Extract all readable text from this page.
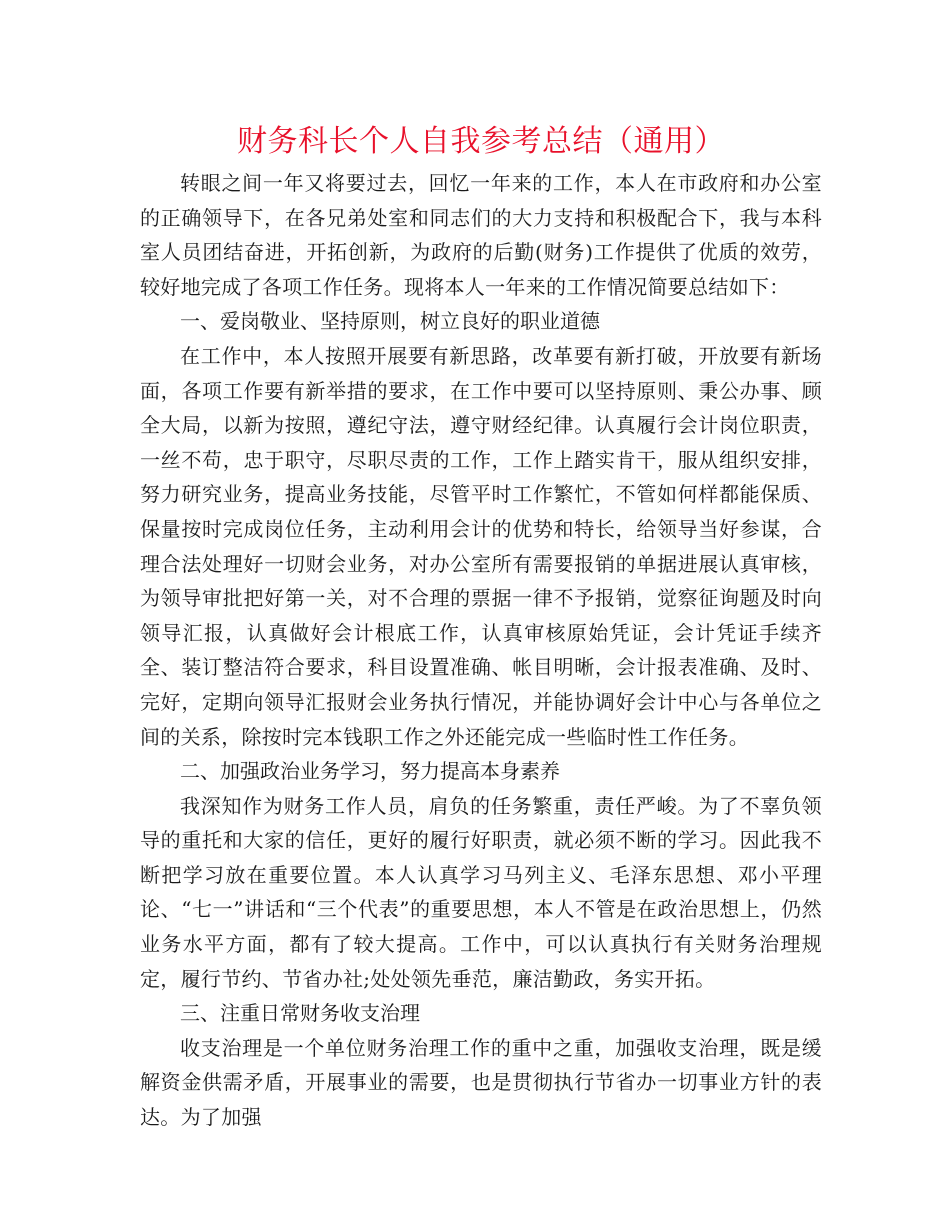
财务科长个人自我参考总结（通用）

转眼之间一年又将要过去，回忆一年来的工作，本人在市政府和办公室的正确领导下，在各兄弟处室和同志们的大力支持和积极配合下，我与本科室人员团结奋进，开拓创新，为政府的后勤(财务)工作提供了优质的效劳，较好地完成了各项工作任务。现将本人一年来的工作情况简要总结如下：

一、爱岗敬业、坚持原则，树立良好的职业道德

在工作中，本人按照开展要有新思路，改革要有新打破，开放要有新场面，各项工作要有新举措的要求，在工作中要可以坚持原则、秉公办事、顾全大局，以新为按照，遵纪守法，遵守财经纪律。认真履行会计岗位职责，一丝不苟，忠于职守，尽职尽责的工作，工作上踏实肯干，服从组织安排，努力研究业务，提高业务技能，尽管平时工作繁忙，不管如何样都能保质、保量按时完成岗位任务，主动利用会计的优势和特长，给领导当好参谋，合理合法处理好一切财会业务，对办公室所有需要报销的单据进展认真审核，为领导审批把好第一关，对不合理的票据一律不予报销，觉察征询题及时向领导汇报，认真做好会计根底工作，认真审核原始凭证，会计凭证手续齐全、装订整洁符合要求，科目设置准确、帐目明晰，会计报表准确、及时、完好，定期向领导汇报财会业务执行情况，并能协调好会计中心与各单位之间的关系，除按时完本钱职工作之外还能完成一些临时性工作任务。

二、加强政治业务学习，努力提高本身素养

我深知作为财务工作人员，肩负的任务繁重，责任严峻。为了不辜负领导的重托和大家的信任，更好的履行好职责，就必须不断的学习。因此我不断把学习放在重要位置。本人认真学习马列主义、毛泽东思想、邓小平理论、“七一”讲话和“三个代表”的重要思想，本人不管是在政治思想上，仍然业务水平方面，都有了较大提高。工作中，可以认真执行有关财务治理规定，履行节约、节省办社;处处领先垂范，廉洁勤政，务实开拓。

三、注重日常财务收支治理

收支治理是一个单位财务治理工作的重中之重，加强收支治理，既是缓解资金供需矛盾，开展事业的需要，也是贯彻执行节省办一切事业方针的表达。为了加强
